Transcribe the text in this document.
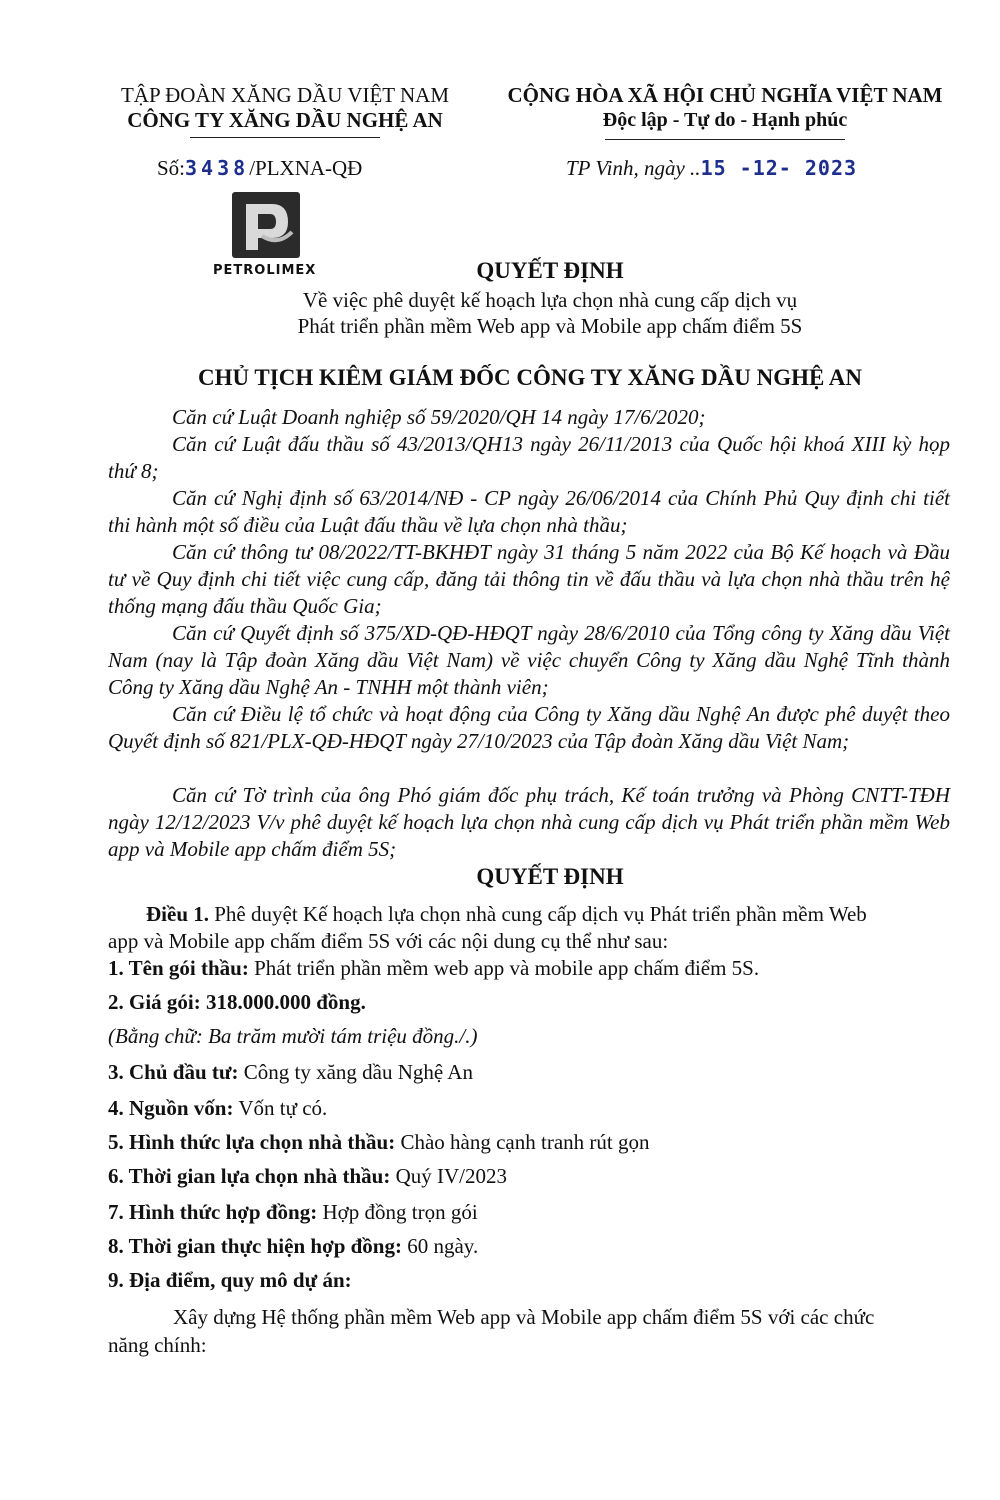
TẬP ĐOÀN XĂNG DẦU VIỆT NAM
CÔNG TY XĂNG DẦU NGHỆ AN
CỘNG HÒA XÃ HỘI CHỦ NGHĨA VIỆT NAM
Độc lập - Tự do - Hạnh phúc
Số:3438/PLXNA-QĐ	TP Vinh, ngày ..15 -12- 2023
PETROLIMEX	QUYẾT ĐỊNH
Về việc phê duyệt kế hoạch lựa chọn nhà cung cấp dịch vụ
Phát triển phần mềm Web app và Mobile app chấm điểm 5S
CHỦ TỊCH KIÊM GIÁM ĐỐC CÔNG TY XĂNG DẦU NGHỆ AN
Căn cứ Luật Doanh nghiệp số 59/2020/QH 14 ngày 17/6/2020;
Căn cứ Luật đấu thầu số 43/2013/QH13 ngày 26/11/2013 của Quốc hội khoá XIII kỳ họp thứ 8;
Căn cứ Nghị định số 63/2014/NĐ - CP ngày 26/06/2014 của Chính Phủ Quy định chi tiết thi hành một số điều của Luật đấu thầu về lựa chọn nhà thầu;
Căn cứ thông tư 08/2022/TT-BKHĐT ngày 31 tháng 5 năm 2022 của Bộ Kế hoạch và Đầu tư về Quy định chi tiết việc cung cấp, đăng tải thông tin về đấu thầu và lựa chọn nhà thầu trên hệ thống mạng đấu thầu Quốc Gia;
Căn cứ Quyết định số 375/XD-QĐ-HĐQT ngày 28/6/2010 của Tổng công ty Xăng dầu Việt Nam (nay là Tập đoàn Xăng dầu Việt Nam) về việc chuyển Công ty Xăng dầu Nghệ Tĩnh thành Công ty Xăng dầu Nghệ An - TNHH một thành viên;
Căn cứ Điều lệ tổ chức và hoạt động của Công ty Xăng dầu Nghệ An được phê duyệt theo Quyết định số 821/PLX-QĐ-HĐQT ngày 27/10/2023 của Tập đoàn Xăng dầu Việt Nam;
Căn cứ Tờ trình của ông Phó giám đốc phụ trách, Kế toán trưởng và Phòng CNTT-TĐH ngày 12/12/2023 V/v phê duyệt kế hoạch lựa chọn nhà cung cấp dịch vụ Phát triển phần mềm Web app và Mobile app chấm điểm 5S;
QUYẾT ĐỊNH
Điều 1. Phê duyệt Kế hoạch lựa chọn nhà cung cấp dịch vụ Phát triển phần mềm Web
app và Mobile app chấm điểm 5S với các nội dung cụ thể như sau:
1. Tên gói thầu: Phát triển phần mềm web app và mobile app chấm điểm 5S.
2. Giá gói: 318.000.000 đồng.
(Bằng chữ: Ba trăm mười tám triệu đồng./.)
3. Chủ đầu tư: Công ty xăng dầu Nghệ An
4. Nguồn vốn: Vốn tự có.
5. Hình thức lựa chọn nhà thầu: Chào hàng cạnh tranh rút gọn
6. Thời gian lựa chọn nhà thầu: Quý IV/2023
7. Hình thức hợp đồng: Hợp đồng trọn gói
8. Thời gian thực hiện hợp đồng: 60 ngày.
9. Địa điểm, quy mô dự án:
Xây dựng Hệ thống phần mềm Web app và Mobile app chấm điểm 5S với các chức
năng chính:
